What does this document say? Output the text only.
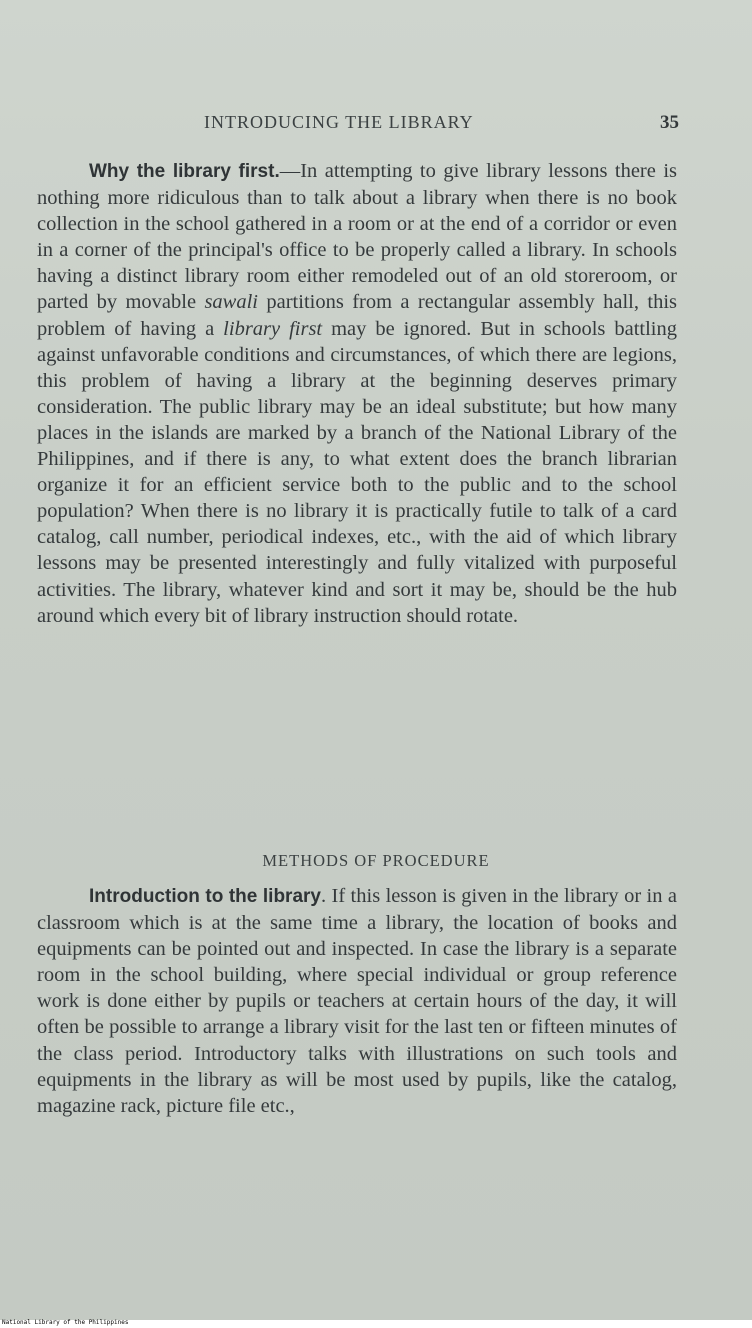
INTRODUCING THE LIBRARY	35

Why the library first.—In attempting to give library lessons there is nothing more ridiculous than to talk about a library when there is no book collection in the school gathered in a room or at the end of a corridor or even in a corner of the principal's office to be properly called a library. In schools having a distinct library room either remodeled out of an old storeroom, or parted by movable sawali partitions from a rectangular assembly hall, this problem of having a library first may be ignored. But in schools battling against unfavorable conditions and circumstances, of which there are legions, this problem of having a library at the beginning deserves primary consideration. The public library may be an ideal substitute; but how many places in the islands are marked by a branch of the National Library of the Philippines, and if there is any, to what extent does the branch librarian organize it for an efficient service both to the public and to the school population? When there is no library it is practically futile to talk of a card catalog, call number, periodical indexes, etc., with the aid of which library lessons may be presented interestingly and fully vitalized with purposeful activities. The library, whatever kind and sort it may be, should be the hub around which every bit of library instruction should rotate.

METHODS OF PROCEDURE

Introduction to the library. If this lesson is given in the library or in a classroom which is at the same time a library, the location of books and equipments can be pointed out and inspected. In case the library is a separate room in the school building, where special individual or group reference work is done either by pupils or teachers at certain hours of the day, it will often be possible to arrange a library visit for the last ten or fifteen minutes of the class period. Introductory talks with illustrations on such tools and equipments in the library as will be most used by pupils, like the catalog, magazine rack, picture file etc.,

National Library of the Philippines
